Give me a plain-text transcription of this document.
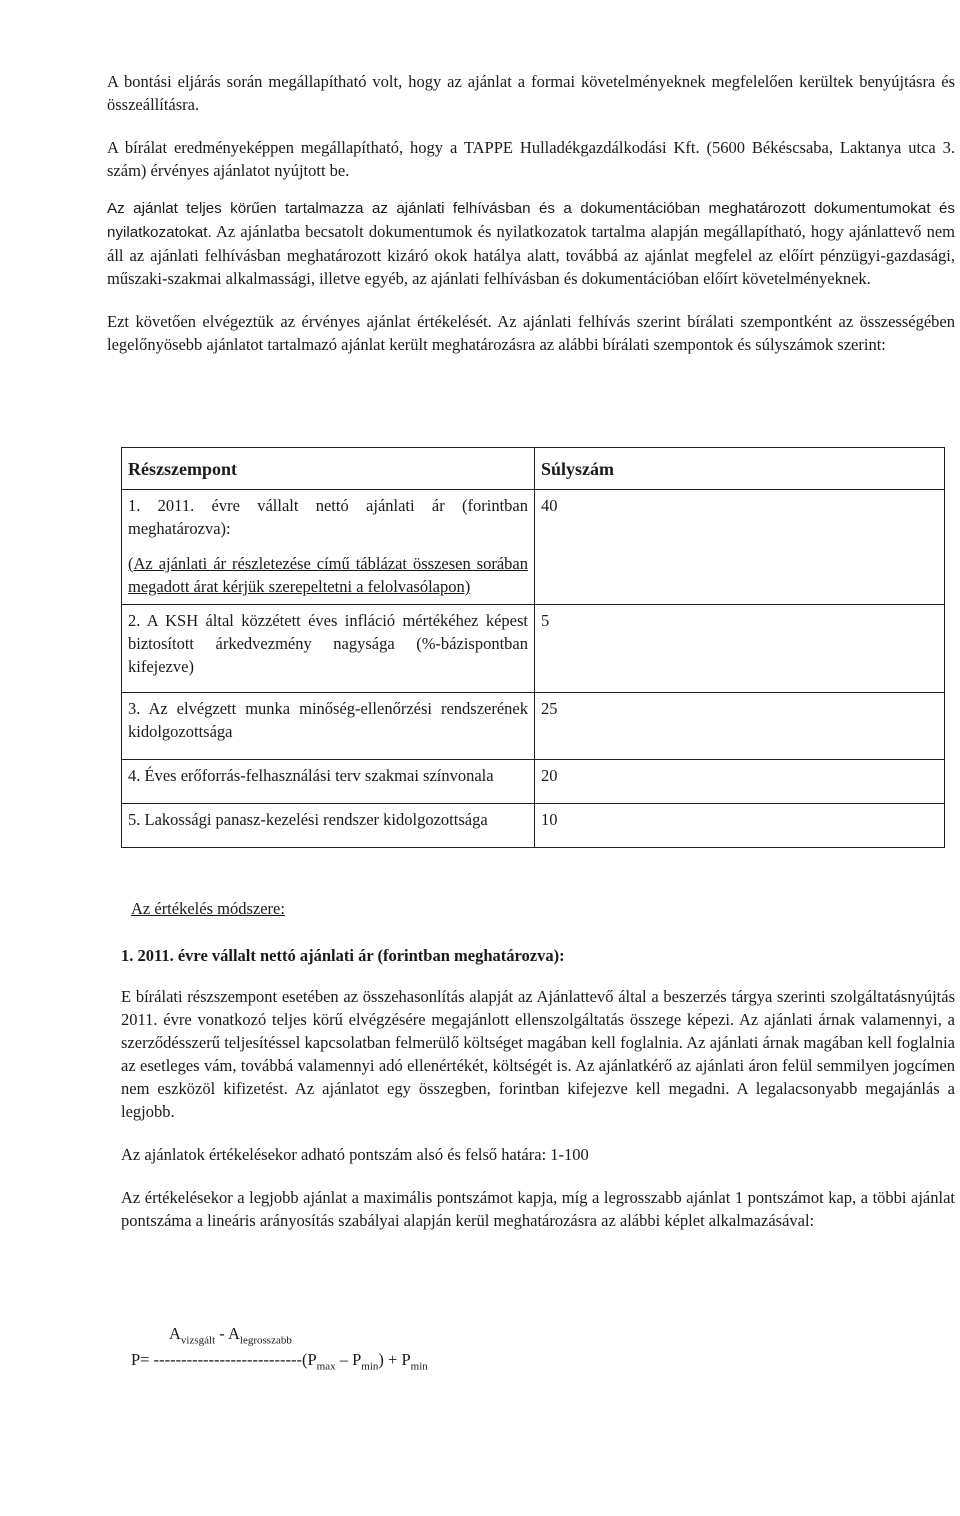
A bontási eljárás során megállapítható volt, hogy az ajánlat a formai követelményeknek megfelelően kerültek benyújtásra és összeállításra.

A bírálat eredményeképpen megállapítható, hogy a TAPPE Hulladékgazdálkodási Kft. (5600 Békéscsaba, Laktanya utca 3. szám) érvényes ajánlatot nyújtott be.

Az ajánlat teljes körűen tartalmazza az ajánlati felhívásban és a dokumentációban meghatározott dokumentumokat és nyilatkozatokat. Az ajánlatba becsatolt dokumentumok és nyilatkozatok tartalma alapján megállapítható, hogy ajánlattevő nem áll az ajánlati felhívásban meghatározott kizáró okok hatálya alatt, továbbá az ajánlat megfelel az előírt pénzügyi-gazdasági, műszaki-szakmai alkalmassági, illetve egyéb, az ajánlati felhívásban és dokumentációban előírt követelményeknek.

Ezt követően elvégeztük az érvényes ajánlat értékelését. Az ajánlati felhívás szerint bírálati szempontként az összességében legelőnyösebb ajánlatot tartalmazó ajánlat került meghatározásra az alábbi bírálati szempontok és súlyszámok szerint:

Részszempont	Súlyszám

1. 2011. évre vállalt nettó ajánlati ár (forintban meghatározva):
(Az ajánlati ár részletezése című táblázat összesen sorában megadott árat kérjük szerepeltetni a felolvasólapon)	40

2. A KSH által közzétett éves infláció mértékéhez képest biztosított árkedvezmény nagysága (%-bázispontban kifejezve)	5

3. Az elvégzett munka minőség-ellenőrzési rendszerének kidolgozottsága	25

4. Éves erőforrás-felhasználási terv szakmai színvonala	20

5. Lakossági panasz-kezelési rendszer kidolgozottsága	10

Az értékelés módszere:

1. 2011. évre vállalt nettó ajánlati ár (forintban meghatározva):

E bírálati részszempont esetében az összehasonlítás alapját az Ajánlattevő által a beszerzés tárgya szerinti szolgáltatásnyújtás 2011. évre vonatkozó teljes körű elvégzésére megajánlott ellenszolgáltatás összege képezi. Az ajánlati árnak valamennyi, a szerződésszerű teljesítéssel kapcsolatban felmerülő költséget magában kell foglalnia. Az ajánlati árnak magában kell foglalnia az esetleges vám, továbbá valamennyi adó ellenértékét, költségét is. Az ajánlatkérő az ajánlati áron felül semmilyen jogcímen nem eszközöl kifizetést. Az ajánlatot egy összegben, forintban kifejezve kell megadni. A legalacsonyabb megajánlás a legjobb.

Az ajánlatok értékelésekor adható pontszám alsó és felső határa: 1-100

Az értékelésekor a legjobb ajánlat a maximális pontszámot kapja, míg a legrosszabb ajánlat 1 pontszámot kap, a többi ajánlat pontszáma a lineáris arányosítás szabályai alapján kerül meghatározásra az alábbi képlet alkalmazásával:

$A_{vizsgált} - A_{legrosszabb}$
$P= ---------------------------(P_{max} - P_{min}) + P_{min}$
